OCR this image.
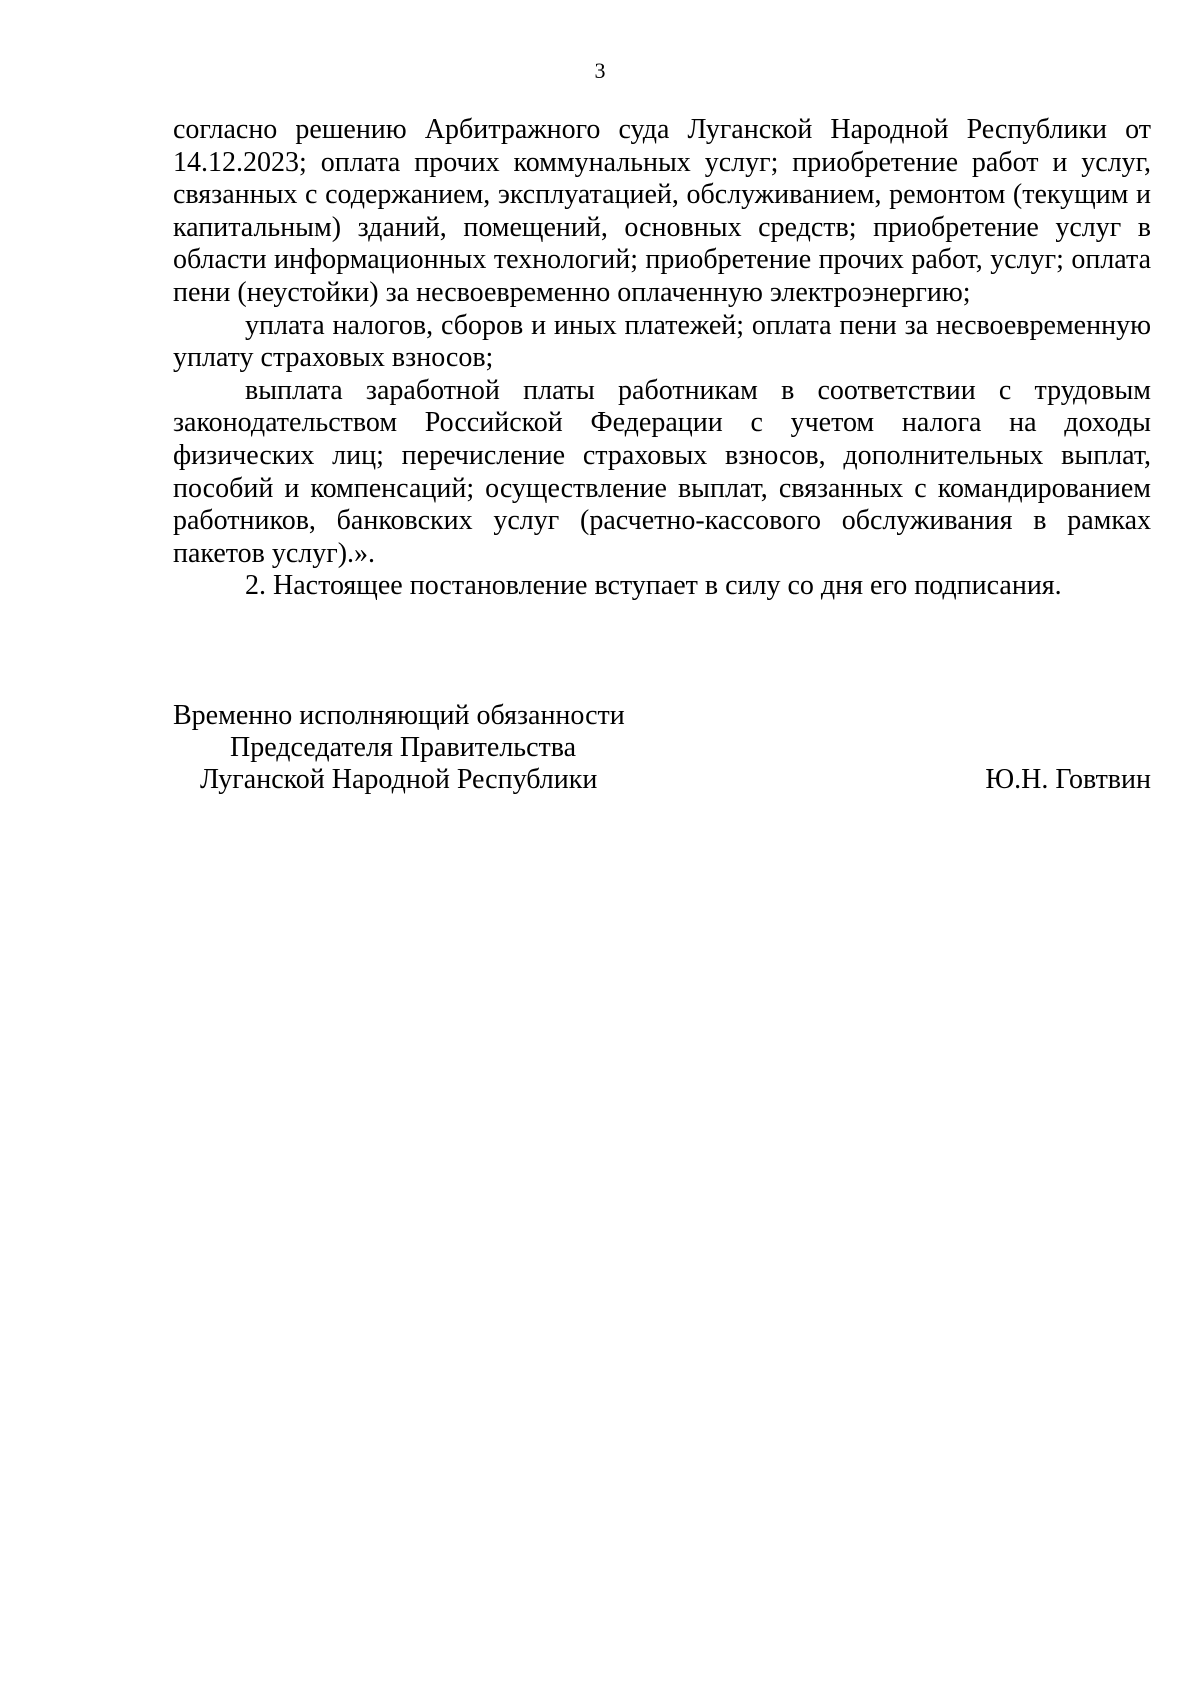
3

согласно решению Арбитражного суда Луганской Народной Республики от 14.12.2023; оплата прочих коммунальных услуг; приобретение работ и услуг, связанных с содержанием, эксплуатацией, обслуживанием, ремонтом (текущим и капитальным) зданий, помещений, основных средств; приобретение услуг в области информационных технологий; приобретение прочих работ, услуг; оплата пени (неустойки) за несвоевременно оплаченную электроэнергию;

уплата налогов, сборов и иных платежей; оплата пени за несвоевременную уплату страховых взносов;

выплата заработной платы работникам в соответствии с трудовым законодательством Российской Федерации с учетом налога на доходы физических лиц; перечисление страховых взносов, дополнительных выплат, пособий и компенсаций; осуществление выплат, связанных с командированием работников, банковских услуг (расчетно-кассового обслуживания в рамках пакетов услуг).».

2. Настоящее постановление вступает в силу со дня его подписания.

Временно исполняющий обязанности
Председателя Правительства
Луганской Народной Республики	Ю.Н. Говтвин
